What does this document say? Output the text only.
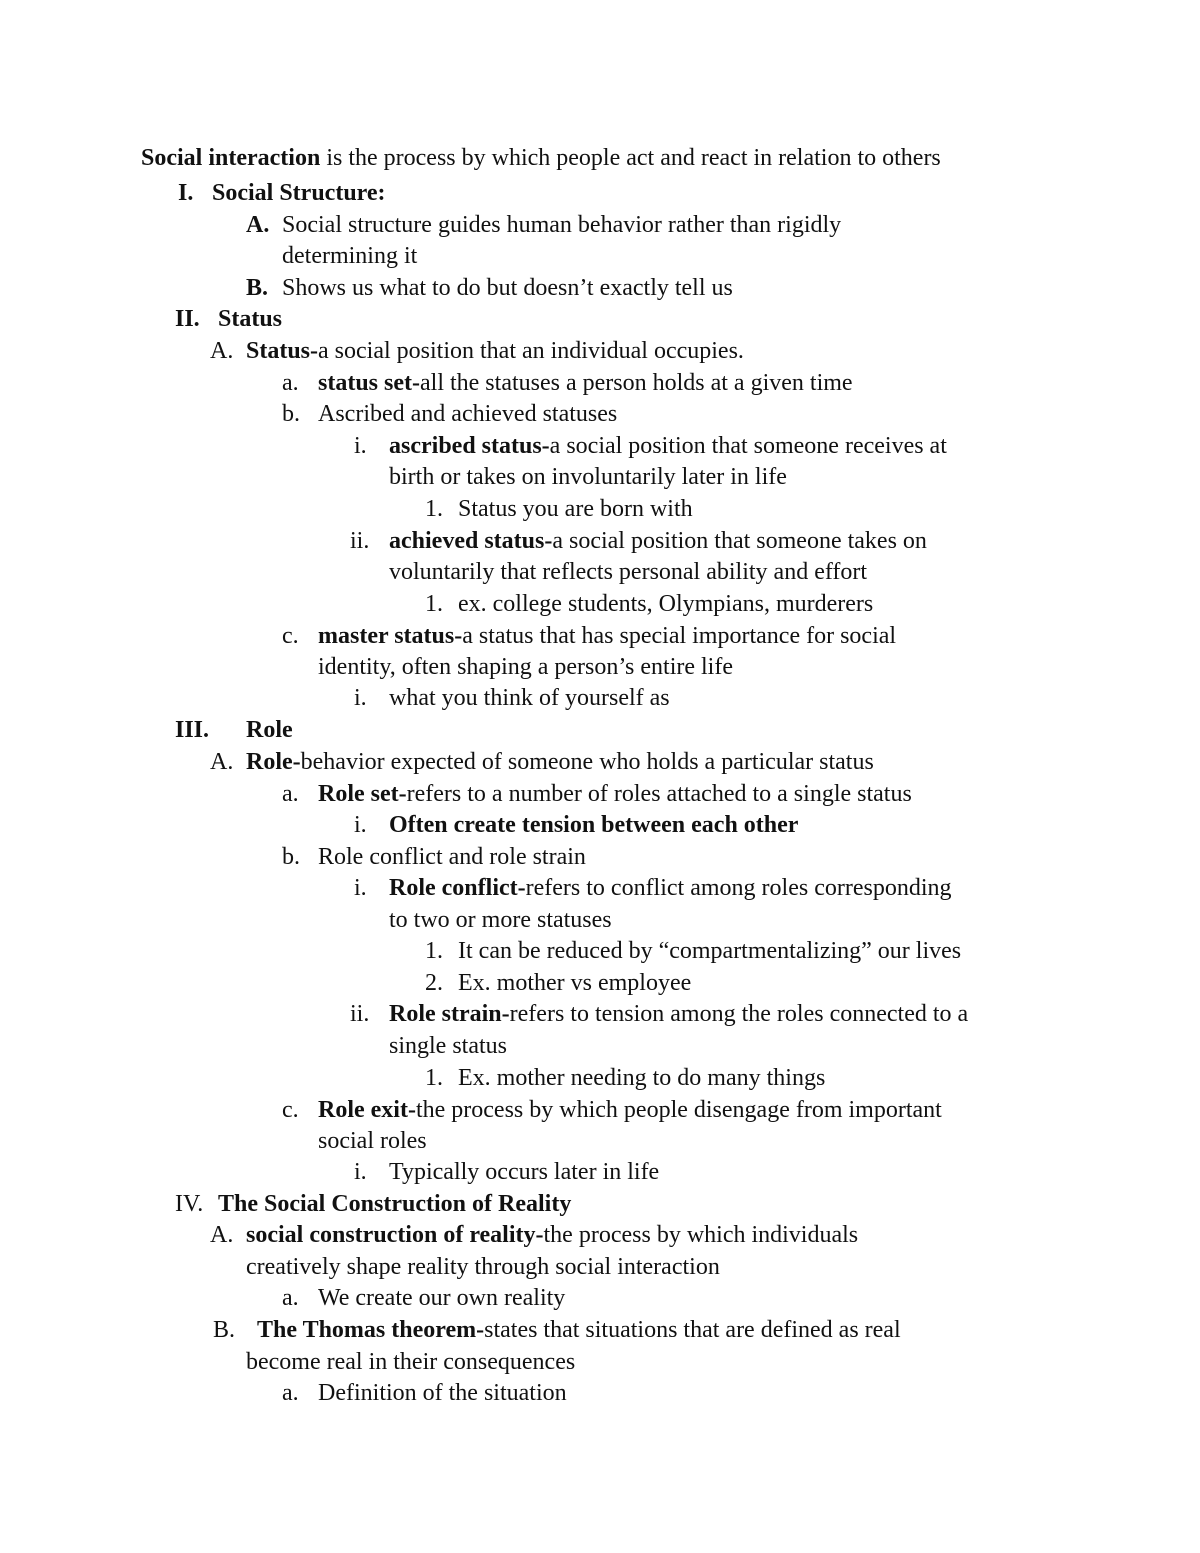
Social interaction is the process by which people act and react in relation to others
I. Social Structure:
A. Social structure guides human behavior rather than rigidly
determining it
B. Shows us what to do but doesn’t exactly tell us
II. Status
A. Status-a social position that an individual occupies.
a. status set-all the statuses a person holds at a given time
b. Ascribed and achieved statuses
i. ascribed status-a social position that someone receives at
birth or takes on involuntarily later in life
1. Status you are born with
ii. achieved status-a social position that someone takes on
voluntarily that reflects personal ability and effort
1. ex. college students, Olympians, murderers
c. master status-a status that has special importance for social
identity, often shaping a person’s entire life
i. what you think of yourself as
III. Role
A. Role-behavior expected of someone who holds a particular status
a. Role set-refers to a number of roles attached to a single status
i. Often create tension between each other
b. Role conflict and role strain
i. Role conflict-refers to conflict among roles corresponding
to two or more statuses
1. It can be reduced by “compartmentalizing” our lives
2. Ex. mother vs employee
ii. Role strain-refers to tension among the roles connected to a
single status
1. Ex. mother needing to do many things
c. Role exit-the process by which people disengage from important
social roles
i. Typically occurs later in life
IV. The Social Construction of Reality
A. social construction of reality-the process by which individuals
creatively shape reality through social interaction
a. We create our own reality
B. The Thomas theorem-states that situations that are defined as real
become real in their consequences
a. Definition of the situation
